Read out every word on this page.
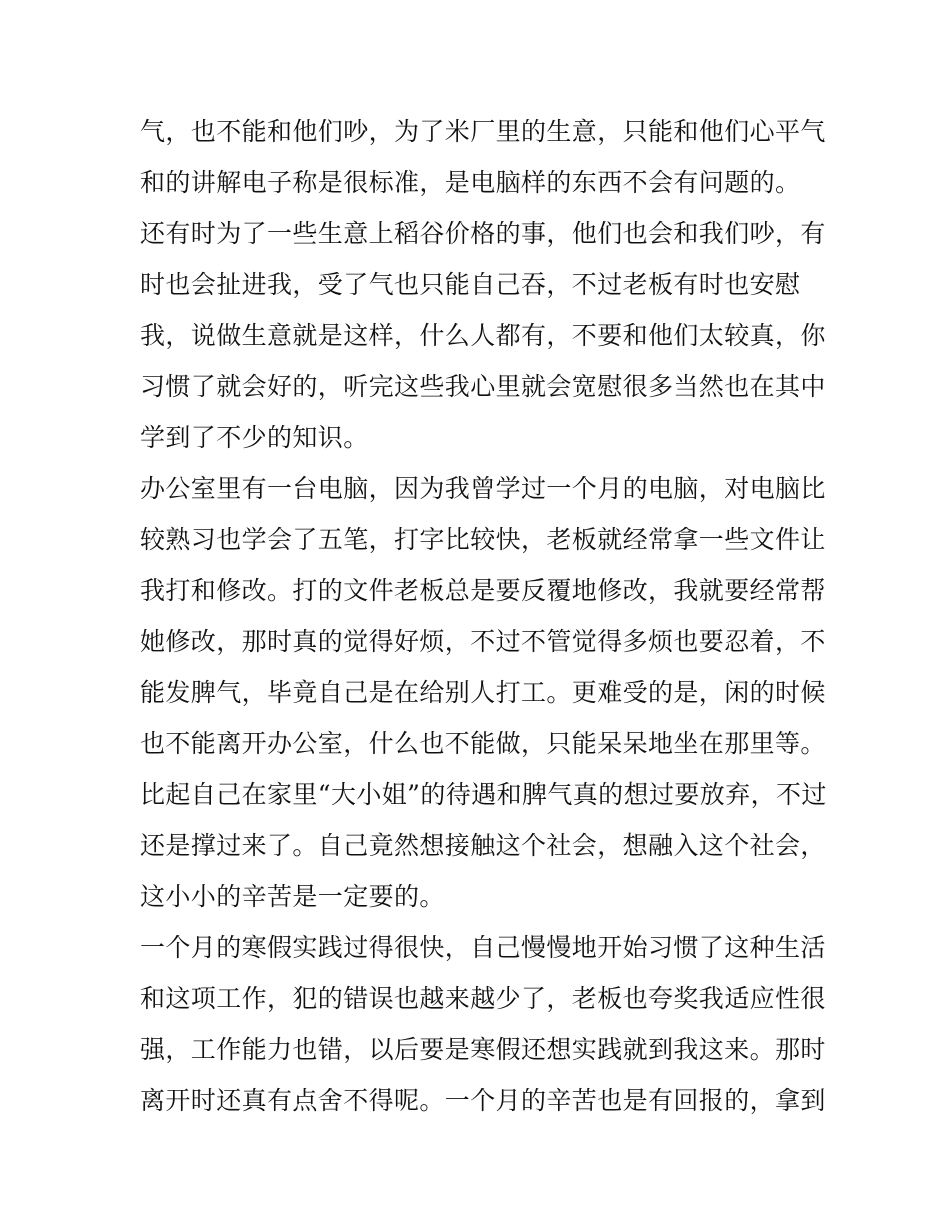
气，也不能和他们吵，为了米厂里的生意，只能和他们心平气
和的讲解电子称是很标准，是电脑样的东西不会有问题的。
还有时为了一些生意上稻谷价格的事，他们也会和我们吵，有
时也会扯进我，受了气也只能自己吞，不过老板有时也安慰
我，说做生意就是这样，什么人都有，不要和他们太较真，你
习惯了就会好的，听完这些我心里就会宽慰很多当然也在其中
学到了不少的知识。
办公室里有一台电脑，因为我曾学过一个月的电脑，对电脑比
较熟习也学会了五笔，打字比较快，老板就经常拿一些文件让
我打和修改。打的文件老板总是要反覆地修改，我就要经常帮
她修改，那时真的觉得好烦，不过不管觉得多烦也要忍着，不
能发脾气，毕竟自己是在给别人打工。更难受的是，闲的时候
也不能离开办公室，什么也不能做，只能呆呆地坐在那里等。
比起自己在家里“大小姐”的待遇和脾气真的想过要放弃，不过
还是撑过来了。自己竟然想接触这个社会，想融入这个社会，
这小小的辛苦是一定要的。
一个月的寒假实践过得很快，自己慢慢地开始习惯了这种生活
和这项工作，犯的错误也越来越少了，老板也夸奖我适应性很
强，工作能力也错，以后要是寒假还想实践就到我这来。那时
离开时还真有点舍不得呢。一个月的辛苦也是有回报的，拿到
